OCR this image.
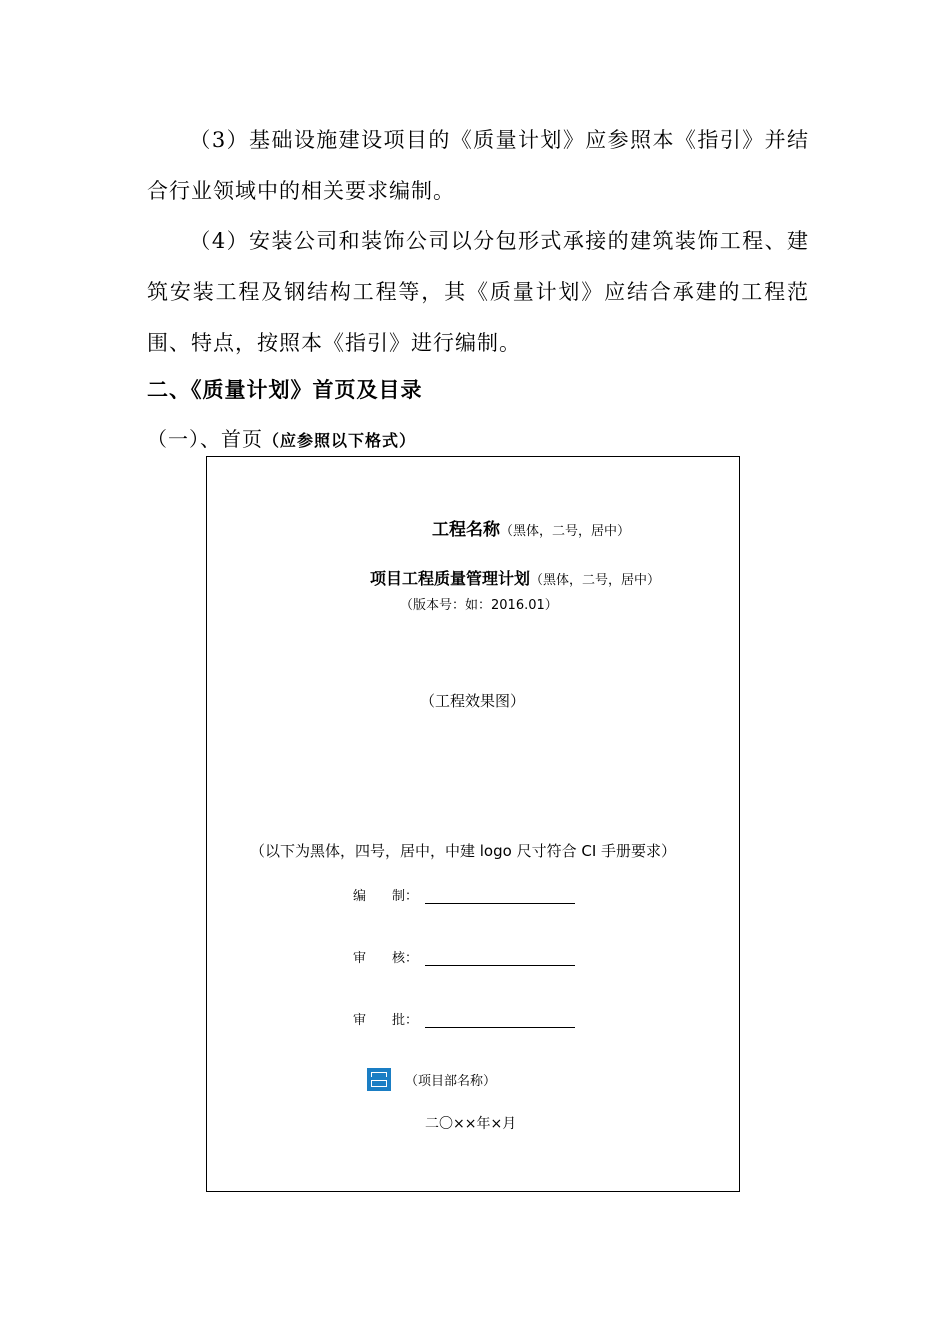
（3）基础设施建设项目的《质量计划》应参照本《指引》并结合行业领域中的相关要求编制。
（4）安装公司和装饰公司以分包形式承接的建筑装饰工程、建筑安装工程及钢结构工程等，其《质量计划》应结合承建的工程范围、特点，按照本《指引》进行编制。
二、《质量计划》首页及目录
（一）、首页（应参照以下格式）
工程名称（黑体，二号，居中）
项目工程质量管理计划（黑体，二号，居中）
（版本号：如：2016.01）
（工程效果图）
（以下为黑体，四号，居中，中建 logo 尺寸符合 CI 手册要求）
编　　制：
审　　核：
审　　批：
（项目部名称）
二〇××年×月
